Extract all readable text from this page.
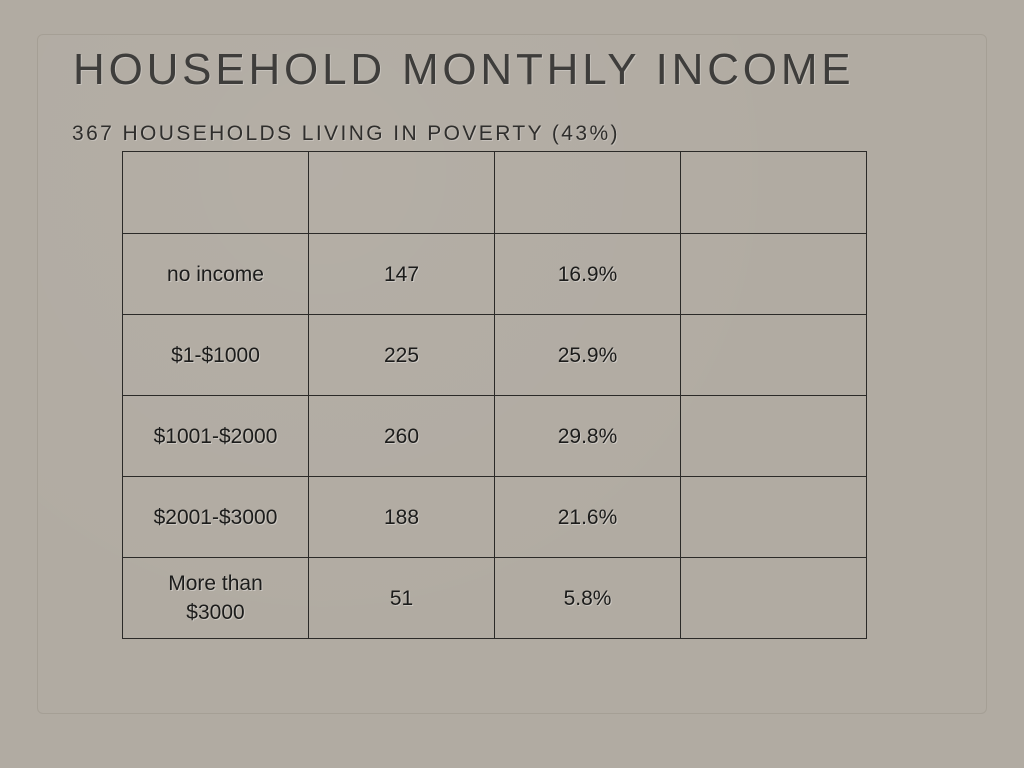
HOUSEHOLD MONTHLY INCOME
367 HOUSEHOLDS LIVING IN POVERTY (43%)

no income	147	16.9%	
$1-$1000	225	25.9%	
$1001-$2000	260	29.8%	
$2001-$3000	188	21.6%	
More than $3000	51	5.8%	
